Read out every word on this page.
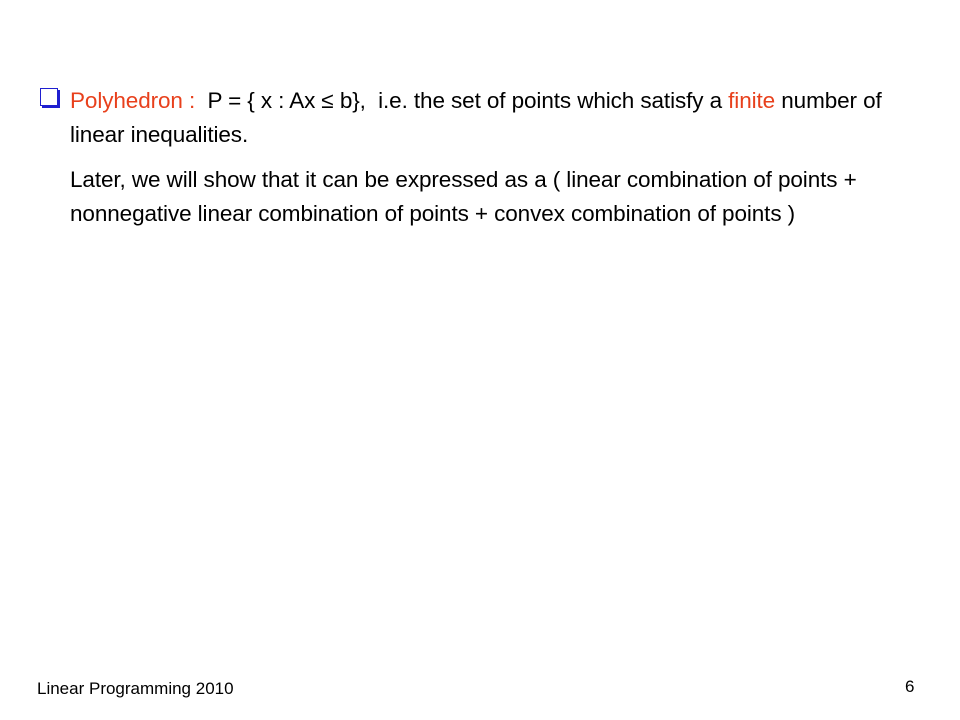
Polyhedron : P = { x : Ax ≤ b}, i.e. the set of points which satisfy a finite number of linear inequalities.
Later, we will show that it can be expressed as a ( linear combination of points + nonnegative linear combination of points + convex combination of points )
Linear Programming 2010	6
